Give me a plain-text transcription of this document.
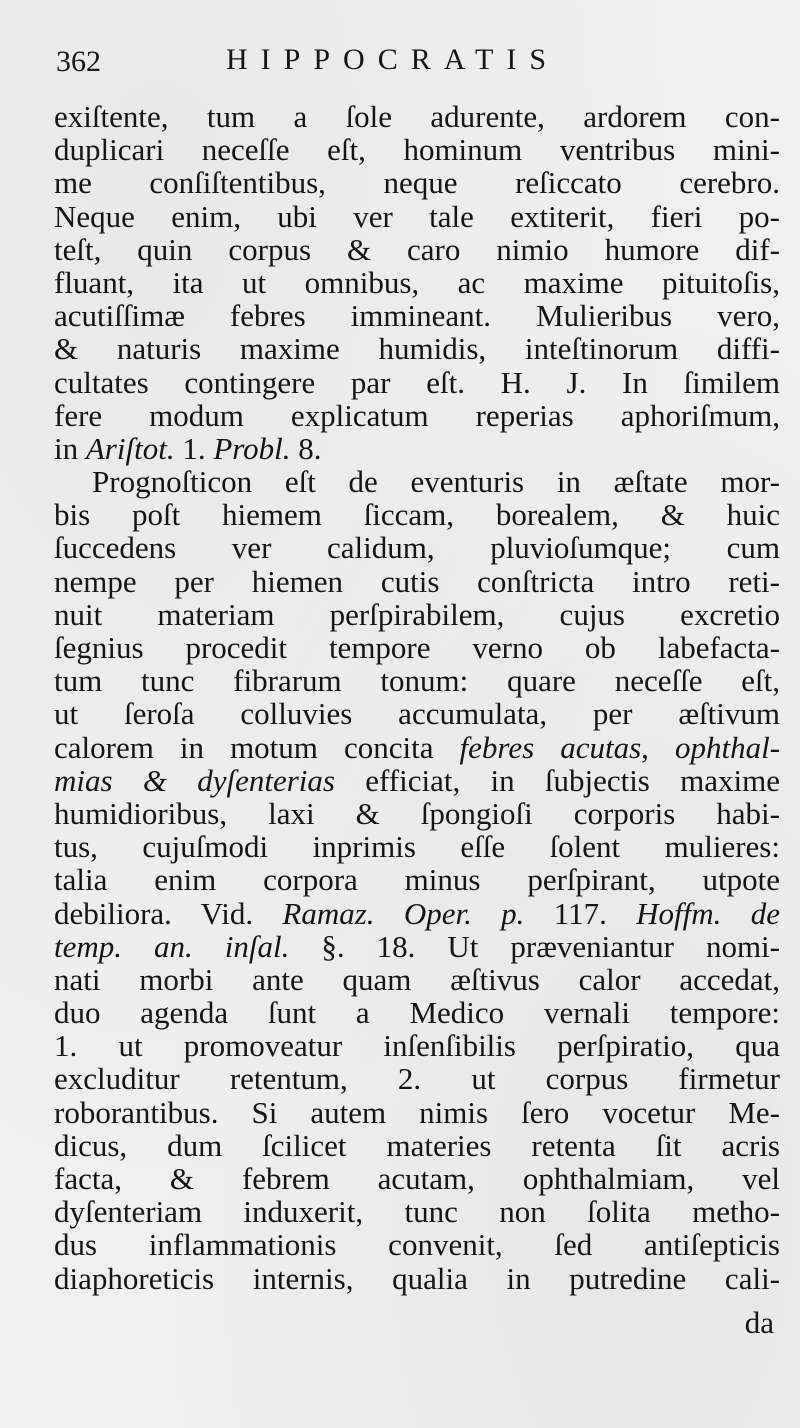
362	HIPPOCRATIS
exiſtente, tum a ſole adurente, ardorem con-
duplicari neceſſe eſt, hominum ventribus mini-
me conſiſtentibus, neque reſiccato cerebro.
Neque enim, ubi ver tale extiterit, fieri po-
teſt, quin corpus & caro nimio humore dif-
fluant, ita ut omnibus, ac maxime pituitoſis,
acutiſſimæ febres immineant. Mulieribus vero,
& naturis maxime humidis, inteſtinorum diffi-
cultates contingere par eſt. H. J. In ſimilem
fere modum explicatum reperias aphoriſmum,
in Ariſtot. 1. Probl. 8.
Prognoſticon eſt de eventuris in æſtate mor-
bis poſt hiemem ſiccam, borealem, & huic
ſuccedens ver calidum, pluvioſumque; cum
nempe per hiemen cutis conſtricta intro reti-
nuit materiam perſpirabilem, cujus excretio
ſegnius procedit tempore verno ob labefacta-
tum tunc fibrarum tonum: quare neceſſe eſt,
ut ſeroſa colluvies accumulata, per æſtivum
calorem in motum concita febres acutas, ophthal-
mias & dyſenterias efficiat, in ſubjectis maxime
humidioribus, laxi & ſpongioſi corporis habi-
tus, cujuſmodi inprimis eſſe ſolent mulieres:
talia enim corpora minus perſpirant, utpote
debiliora. Vid. Ramaz. Oper. p. 117. Hoffm. de
temp. an. inſal. §. 18. Ut præveniantur nomi-
nati morbi ante quam æſtivus calor accedat,
duo agenda ſunt a Medico vernali tempore:
1. ut promoveatur inſenſibilis perſpiratio, qua
excluditur retentum, 2. ut corpus firmetur
roborantibus. Si autem nimis ſero vocetur Me-
dicus, dum ſcilicet materies retenta ſit acris
facta, & febrem acutam, ophthalmiam, vel
dyſenteriam induxerit, tunc non ſolita metho-
dus inflammationis convenit, ſed antiſepticis
diaphoreticis internis, qualia in putredine cali-
da
